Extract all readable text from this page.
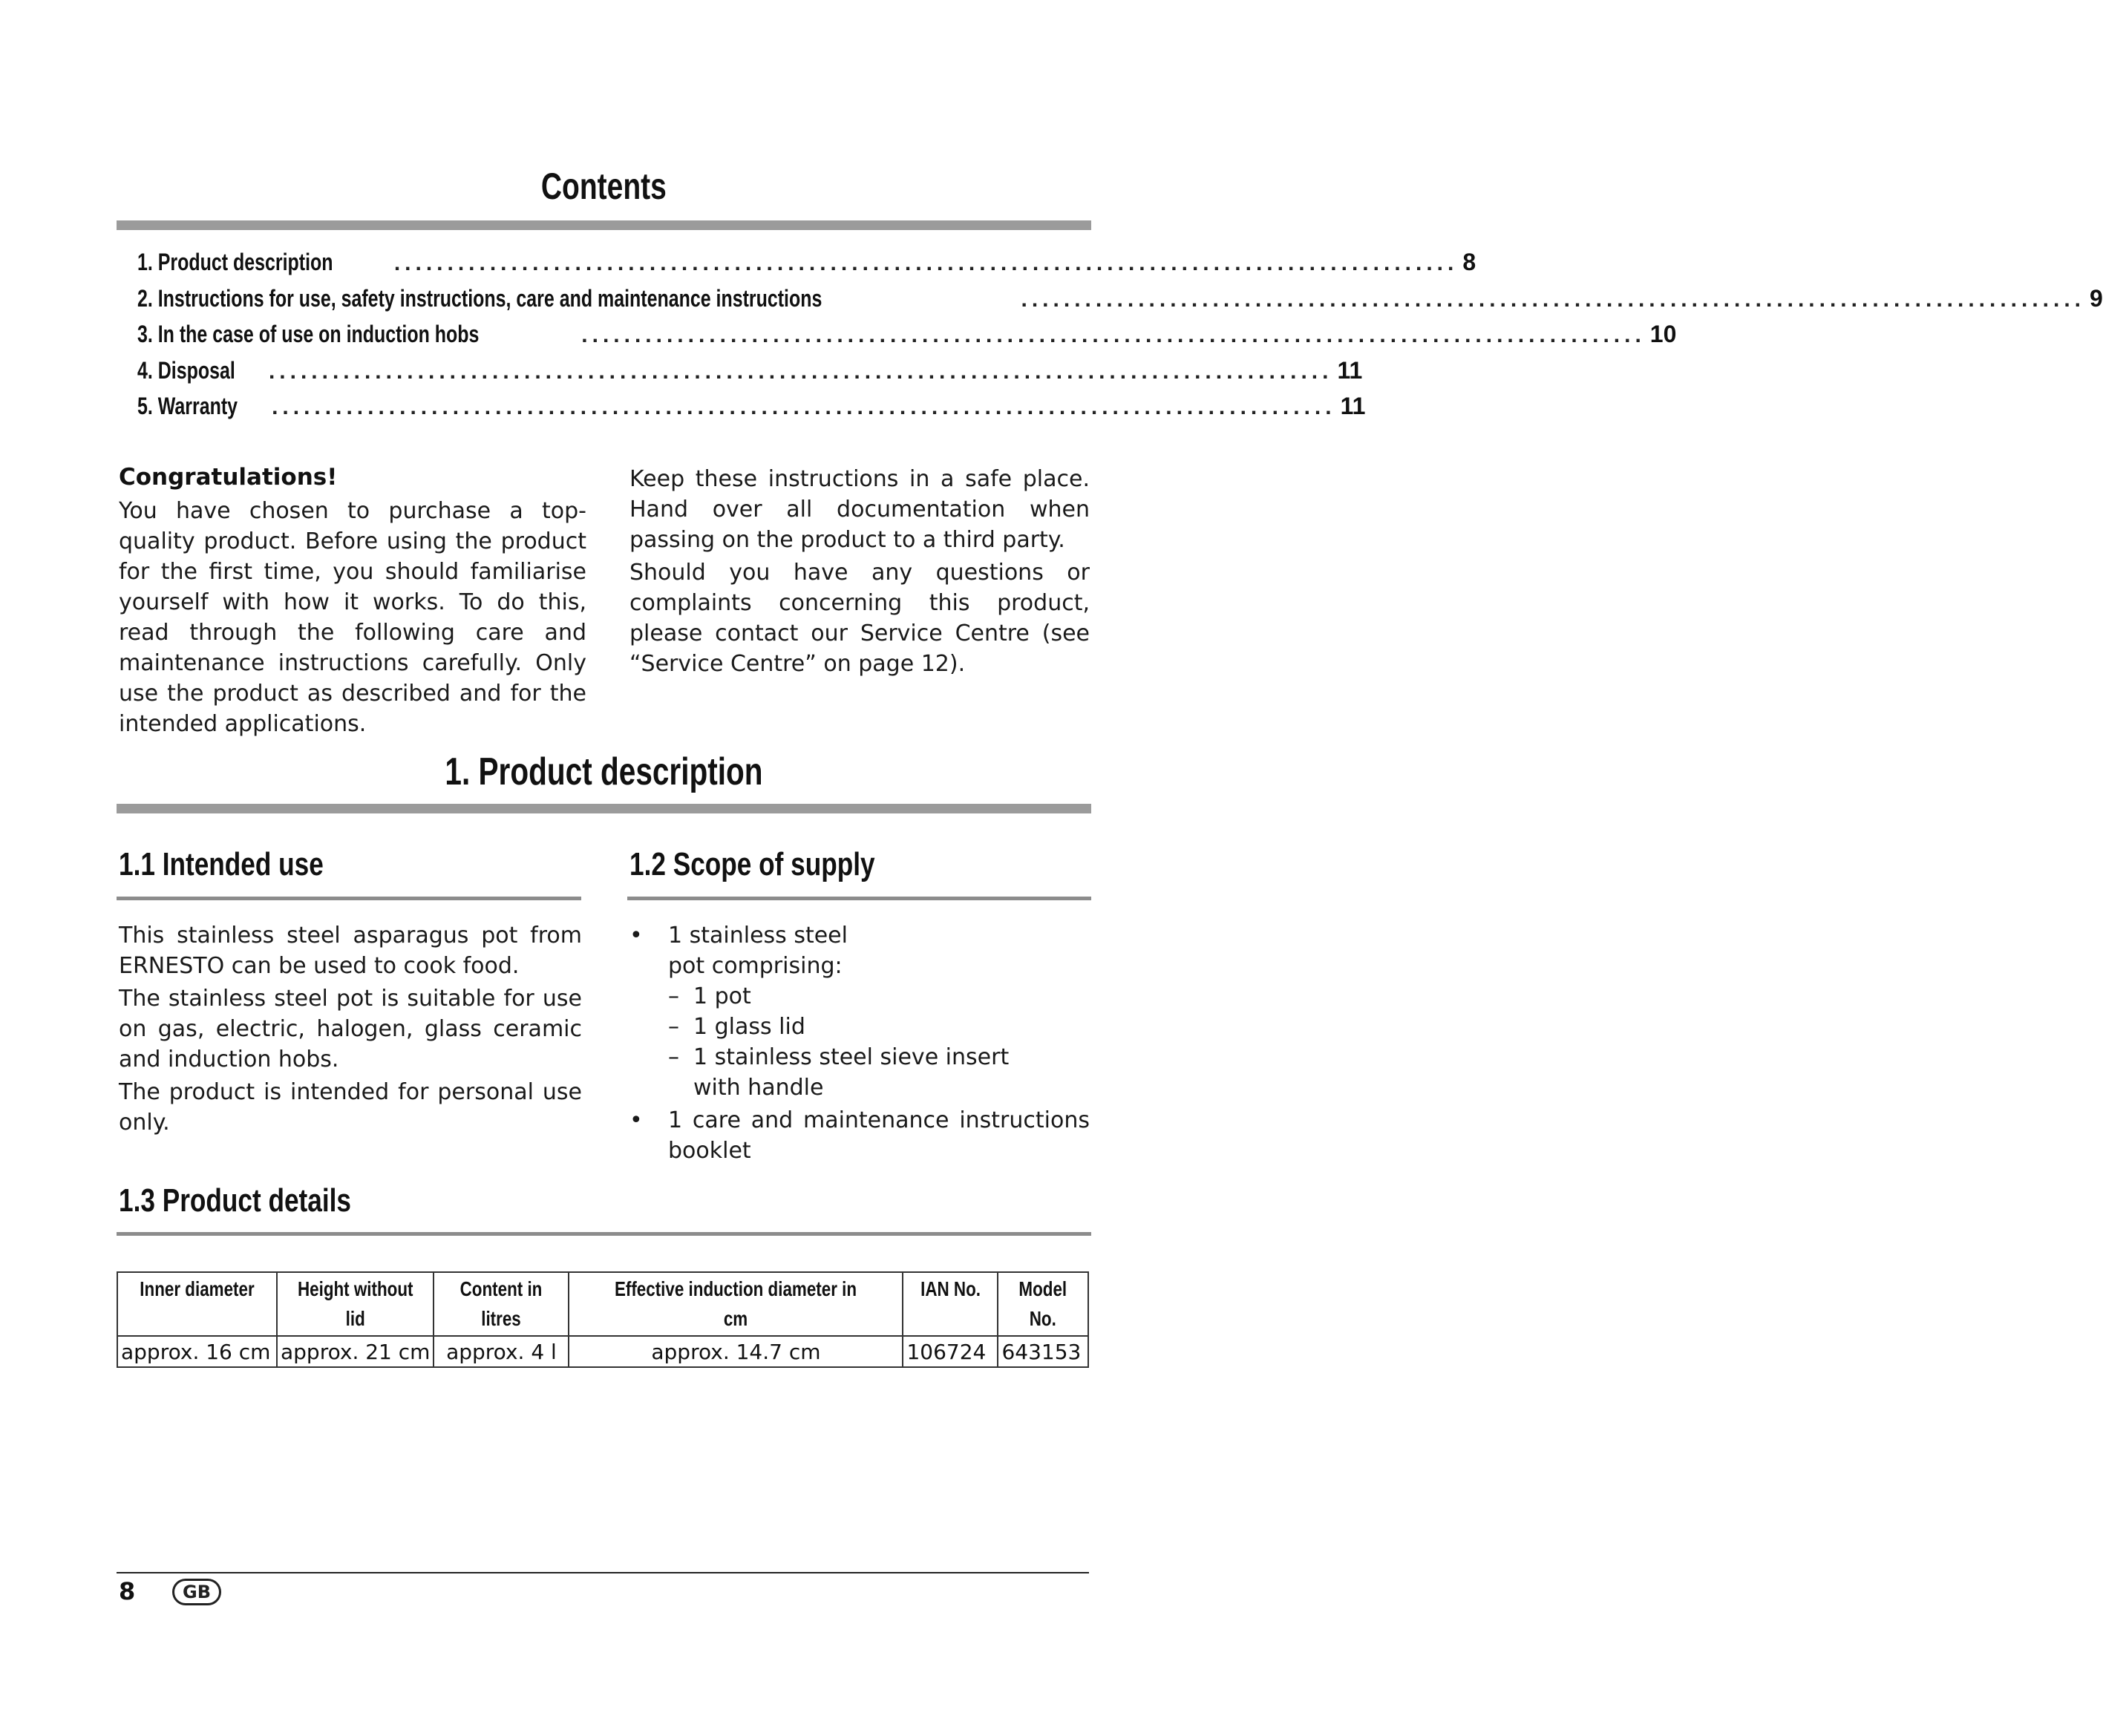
Contents
1. Product description	.................................................................................................... 8
2. Instructions for use, safety instructions, care and maintenance instructions	.................................................................................................... 9
3. In the case of use on induction hobs	.................................................................................................... 10
4. Disposal .................................................................................................... 11
5. Warranty .................................................................................................... 11
Congratulations!
You have chosen to purchase a top-quality product. Before using the product for the first time, you should familiarise yourself with how it works. To do this, read through the following care and maintenance instructions carefully. Only use the product as described and for the intended applications.
Keep these instructions in a safe place. Hand over all documentation when passing on the product to a third party.
Should you have any questions or complaints concerning this product, please contact our Service Centre (see “Service Centre” on page 12).
1. Product description
1.1 Intended use
This stainless steel asparagus pot from ERNESTO can be used to cook food.
The stainless steel pot is suitable for use on gas, electric, halogen, glass ceramic and induction hobs.
The product is intended for personal use only.
1.2 Scope of supply
• 1 stainless steel pot comprising:
– 1 pot
– 1 glass lid
– 1 stainless steel sieve insert with handle
• 1 care and maintenance instructions booklet
1.3 Product details
Inner diameter	Height without lid	Content in litres	Effective induction diameter in cm	IAN No.	Model No.
approx. 16 cm	approx. 21 cm	approx. 4 l	approx. 14.7 cm	106724	643153
8	GB
